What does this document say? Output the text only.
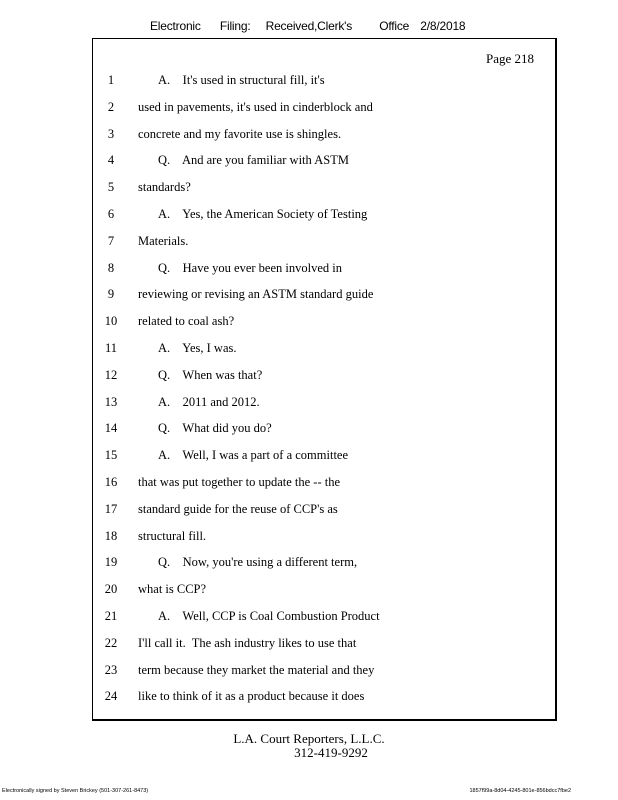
Electronic Filing: Received,Clerk's Office 2/8/2018
Page 218
1	A.    It's used in structural fill, it's
2	used in pavements, it's used in cinderblock and
3	concrete and my favorite use is shingles.
4	Q.    And are you familiar with ASTM
5	standards?
6	A.    Yes, the American Society of Testing
7	Materials.
8	Q.    Have you ever been involved in
9	reviewing or revising an ASTM standard guide
10	related to coal ash?
11	A.    Yes, I was.
12	Q.    When was that?
13	A.    2011 and 2012.
14	Q.    What did you do?
15	A.    Well, I was a part of a committee
16	that was put together to update the -- the
17	standard guide for the reuse of CCP's as
18	structural fill.
19	Q.    Now, you're using a different term,
20	what is CCP?
21	A.    Well, CCP is Coal Combustion Product
22	I'll call it.  The ash industry likes to use that
23	term because they market the material and they
24	like to think of it as a product because it does
L.A. Court Reporters, L.L.C.
312-419-9292
Electronically signed by Steven Brickey (501-307-261-8473)	1857f99a-8d04-4245-801e-856bdcc7fbe2
